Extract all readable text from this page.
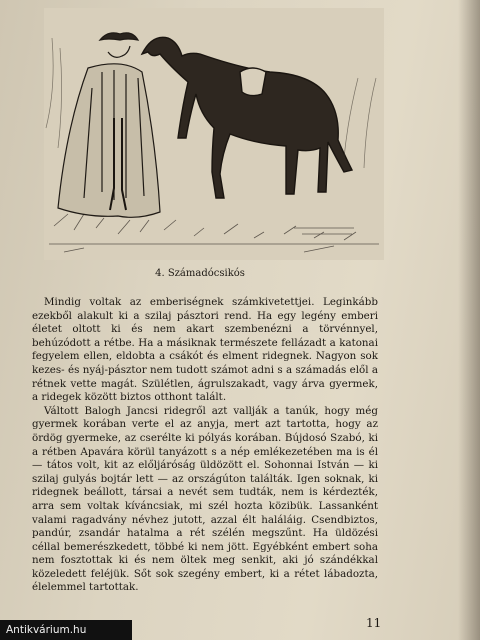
4. Számadócsikós

Mindig voltak az emberiségnek számkivetettjei. Leginkább ezekből alakult ki a szilaj pásztori rend. Ha egy legény emberi életet oltott ki és nem akart szembenézni a törvénnyel, behúzódott a rétbe. Ha a másiknak természete fellázadt a katonai fegyelem ellen, eldobta a csákót és elment ridegnek. Nagyon sok kezes- és nyáj-pásztor nem tudott számot adni s a számadás elől a rétnek vette magát. Szülétlen, ágrulszakadt, vagy árva gyermek, a ridegek között biztos otthont talált.

Váltott Balogh Jancsi ridegről azt vallják a tanúk, hogy még gyermek korában verte el az anyja, mert azt tartotta, hogy az ördög gyermeke, az cserélte ki pólyás korában. Bújdosó Szabó, ki a rétben Apavára körül tanyázott s a nép emlékezetében ma is él — tátos volt, kit az előljáróság üldözött el. Sohonnai István — ki szilaj gulyás bojtár lett — az országúton találták. Igen soknak, ki ridegnek beállott, társai a nevét sem tudták, nem is kérdezték, arra sem voltak kíváncsiak, mi szél hozta közibük. Lassanként valami ragadvány névhez jutott, azzal élt haláláig. Csendbiztos, pandúr, zsandár hatalma a rét szélén megszűnt. Ha üldözési céllal bemerészkedett, többé ki nem jött. Egyébként embert soha nem fosztottak ki és nem öltek meg senkit, aki jó szándékkal közeledett feléjük. Sőt sok szegény embert, ki a rétet lábadozta, élelemmel tartottak.

11
Antikvárium.hu
